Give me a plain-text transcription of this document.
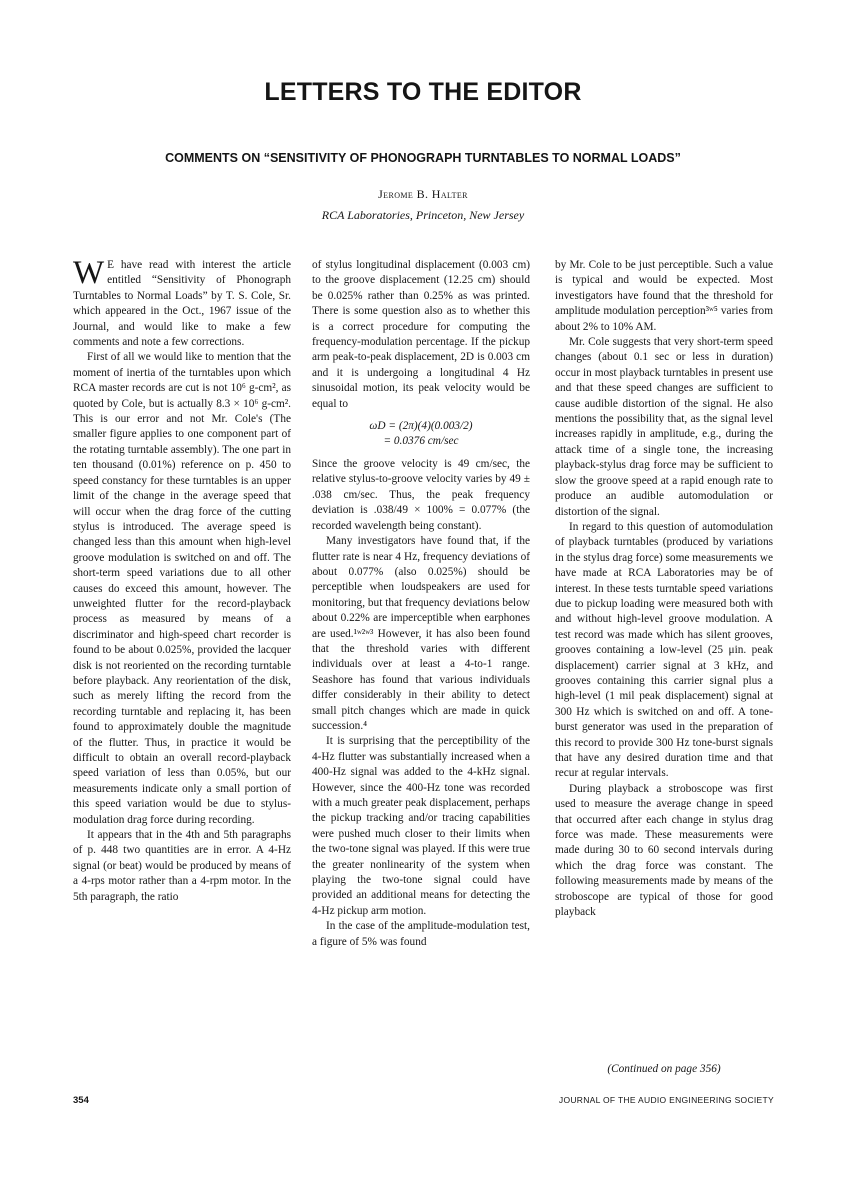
LETTERS TO THE EDITOR
COMMENTS ON “SENSITIVITY OF PHONOGRAPH TURNTABLES TO NORMAL LOADS”
Jerome B. Halter
RCA Laboratories, Princeton, New Jersey

W E have read with interest the article entitled “Sensitivity of Phonograph Turntables to Normal Loads” by T. S. Cole, Sr. which appeared in the Oct., 1967 issue of the Journal, and would like to make a few comments and note a few corrections.

First of all we would like to mention that the moment of inertia of the turntables upon which RCA master records are cut is not 10⁶ g-cm², as quoted by Cole, but is actually 8.3 × 10⁶ g-cm². This is our error and not Mr. Cole's (The smaller figure applies to one component part of the rotating turntable assembly). The one part in ten thousand (0.01%) reference on p. 450 to speed constancy for these turntables is an upper limit of the change in the average speed that will occur when the drag force of the cutting stylus is introduced. The average speed is changed less than this amount when high-level groove modulation is switched on and off. The short-term speed variations due to all other causes do exceed this amount, however. The unweighted flutter for the record-playback process as measured by means of a discriminator and high-speed chart recorder is found to be about 0.025%, provided the lacquer disk is not reoriented on the recording turntable before playback. Any reorientation of the disk, such as merely lifting the record from the recording turntable and replacing it, has been found to approximately double the magnitude of the flutter. Thus, in practice it would be difficult to obtain an overall record-playback speed variation of less than 0.05%, but our measurements indicate only a small portion of this speed variation would be due to stylus-modulation drag force during recording.

It appears that in the 4th and 5th paragraphs of p. 448 two quantities are in error. A 4-Hz signal (or beat) would be produced by means of a 4-rps motor rather than a 4-rpm motor. In the 5th paragraph, the ratio

of stylus longitudinal displacement (0.003 cm) to the groove displacement (12.25 cm) should be 0.025% rather than 0.25% as was printed. There is some question also as to whether this is a correct procedure for computing the frequency-modulation percentage. If the pickup arm peak-to-peak displacement, 2D is 0.003 cm and it is undergoing a longitudinal 4 Hz sinusoidal motion, its peak velocity would be equal to

ωD = (2π)(4)(0.003/2)
= 0.0376 cm/sec

Since the groove velocity is 49 cm/sec, the relative stylus-to-groove velocity varies by 49 ± .038 cm/sec. Thus, the peak frequency deviation is .038/49 × 100% = 0.077% (the recorded wavelength being constant).

Many investigators have found that, if the flutter rate is near 4 Hz, frequency deviations of about 0.077% (also 0.025%) should be perceptible when loudspeakers are used for monitoring, but that frequency deviations below about 0.22% are imperceptible when earphones are used.¹ʷ²ʷ³ However, it has also been found that the threshold varies with different individuals over at least a 4-to-1 range. Seashore has found that various individuals differ considerably in their ability to detect small pitch changes which are made in quick succession.⁴

It is surprising that the perceptibility of the 4-Hz flutter was substantially increased when a 400-Hz signal was added to the 4-kHz signal. However, since the 400-Hz tone was recorded with a much greater peak displacement, perhaps the pickup tracking and/or tracing capabilities were pushed much closer to their limits when the two-tone signal was played. If this were true the greater nonlinearity of the system when playing the two-tone signal could have provided an additional means for detecting the 4-Hz pickup arm motion.

In the case of the amplitude-modulation test, a figure of 5% was found

by Mr. Cole to be just perceptible. Such a value is typical and would be expected. Most investigators have found that the threshold for amplitude modulation perception³ʷ⁵ varies from about 2% to 10% AM.

Mr. Cole suggests that very short-term speed changes (about 0.1 sec or less in duration) occur in most playback turntables in present use and that these speed changes are sufficient to cause audible distortion of the signal. He also mentions the possibility that, as the signal level increases rapidly in amplitude, e.g., during the attack time of a single tone, the increasing playback-stylus drag force may be sufficient to slow the groove speed at a rapid enough rate to produce an audible automodulation or distortion of the signal.

In regard to this question of automodulation of playback turntables (produced by variations in the stylus drag force) some measurements we have made at RCA Laboratories may be of interest. In these tests turntable speed variations due to pickup loading were measured both with and without high-level groove modulation. A test record was made which has silent grooves, grooves containing a low-level (25 μin. peak displacement) carrier signal at 3 kHz, and grooves containing this carrier signal plus a high-level (1 mil peak displacement) signal at 300 Hz which is switched on and off. A tone-burst generator was used in the preparation of this record to provide 300 Hz tone-burst signals that have any desired duration time and that recur at regular intervals.

During playback a stroboscope was first used to measure the average change in speed that occurred after each change in stylus drag force was made. These measurements were made during 30 to 60 second intervals during which the drag force was constant. The following measurements made by means of the stroboscope are typical of those for good playback

(Continued on page 356)
354	JOURNAL OF THE AUDIO ENGINEERING SOCIETY
